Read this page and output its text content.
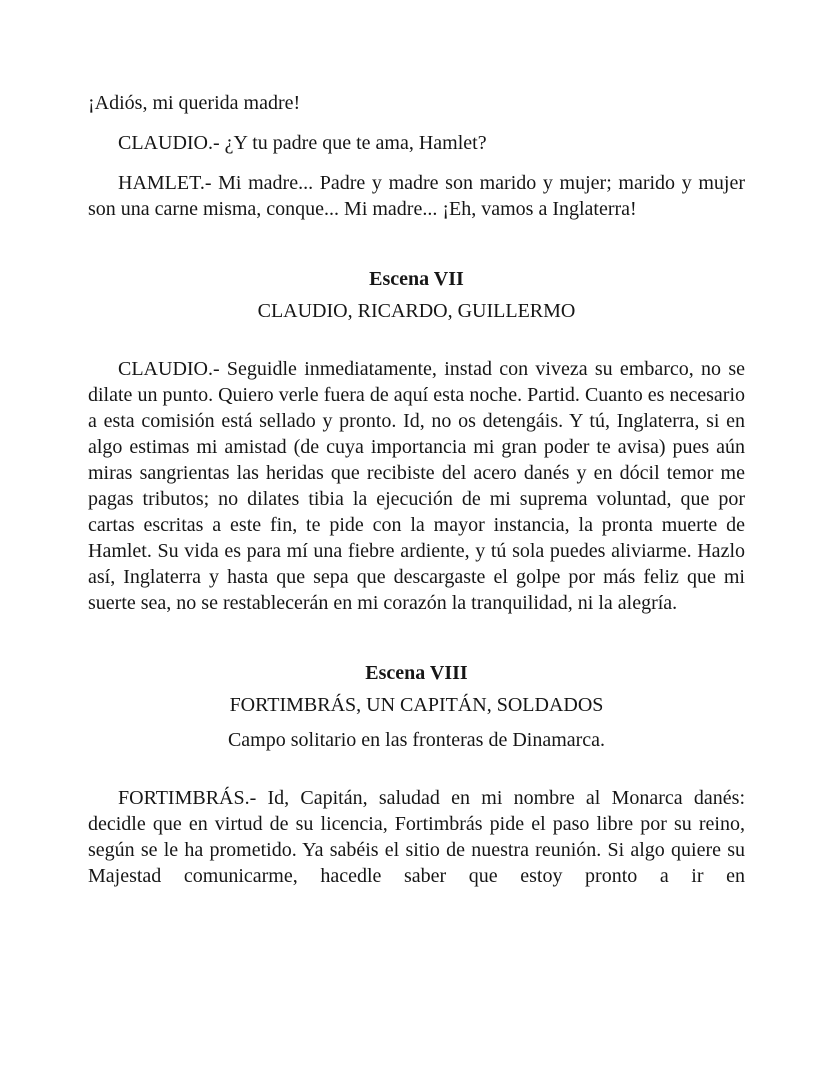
¡Adiós, mi querida madre!

CLAUDIO.- ¿Y tu padre que te ama, Hamlet?

HAMLET.- Mi madre... Padre y madre son marido y mujer; marido y mujer son una carne misma, conque... Mi madre... ¡Eh, vamos a Inglaterra!

Escena VII

CLAUDIO, RICARDO, GUILLERMO

CLAUDIO.- Seguidle inmediatamente, instad con viveza su embarco, no se dilate un punto. Quiero verle fuera de aquí esta noche. Partid. Cuanto es necesario a esta comisión está sellado y pronto. Id, no os detengáis. Y tú, Inglaterra, si en algo estimas mi amistad (de cuya importancia mi gran poder te avisa) pues aún miras sangrientas las heridas que recibiste del acero danés y en dócil temor me pagas tributos; no dilates tibia la ejecución de mi suprema voluntad, que por cartas escritas a este fin, te pide con la mayor instancia, la pronta muerte de Hamlet. Su vida es para mí una fiebre ardiente, y tú sola puedes aliviarme. Hazlo así, Inglaterra y hasta que sepa que descargaste el golpe por más feliz que mi suerte sea, no se restablecerán en mi corazón la tranquilidad, ni la alegría.

Escena VIII

FORTIMBRÁS, UN CAPITÁN, SOLDADOS

Campo solitario en las fronteras de Dinamarca.

FORTIMBRÁS.- Id, Capitán, saludad en mi nombre al Monarca danés: decidle que en virtud de su licencia, Fortimbrás pide el paso libre por su reino, según se le ha prometido. Ya sabéis el sitio de nuestra reunión. Si algo quiere su Majestad comunicarme, hacedle saber que estoy pronto a ir en
